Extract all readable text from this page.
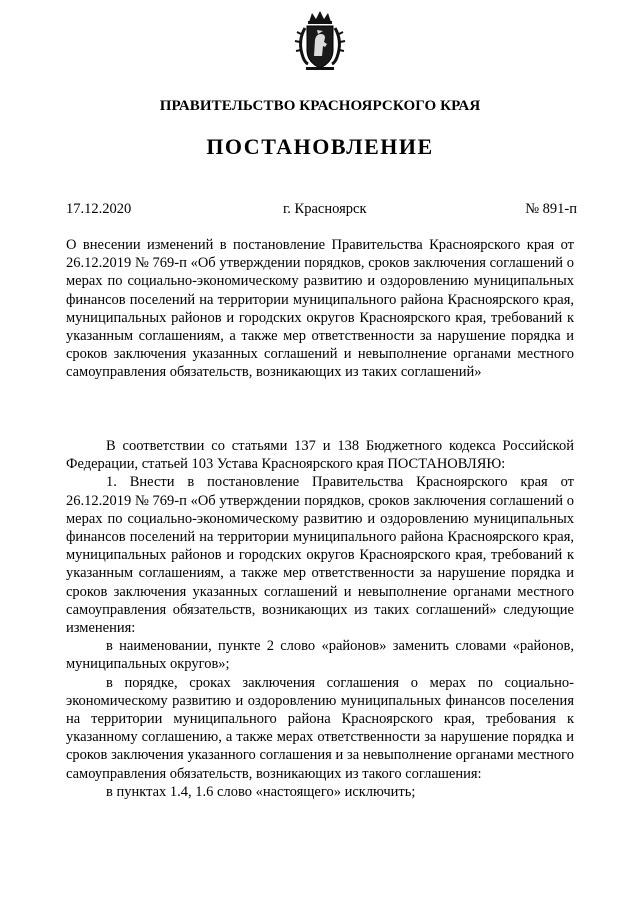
ПРАВИТЕЛЬСТВО КРАСНОЯРСКОГО КРАЯ
ПОСТАНОВЛЕНИЕ
17.12.2020	г. Красноярск	№ 891-п
О внесении изменений в постановление Правительства Красноярского края от 26.12.2019 № 769-п «Об утверждении порядков, сроков заключения соглашений о мерах по социально-экономическому развитию и оздоровлению муниципальных финансов поселений на территории муниципального района Красноярского края, муниципальных районов и городских округов Красноярского края, требований к указанным соглашениям, а также мер ответственности за нарушение порядка и сроков заключения указанных соглашений и невыполнение органами местного самоуправления обязательств, возникающих из таких соглашений»

В соответствии со статьями 137 и 138 Бюджетного кодекса Российской Федерации, статьей 103 Устава Красноярского края ПОСТАНОВЛЯЮ:

1. Внести в постановление Правительства Красноярского края от 26.12.2019 № 769-п «Об утверждении порядков, сроков заключения соглашений о мерах по социально-экономическому развитию и оздоровлению муниципальных финансов поселений на территории муниципального района Красноярского края, муниципальных районов и городских округов Красноярского края, требований к указанным соглашениям, а также мер ответственности за нарушение порядка и сроков заключения указанных соглашений и невыполнение органами местного самоуправления обязательств, возникающих из таких соглашений» следующие изменения:

в наименовании, пункте 2 слово «районов» заменить словами «районов, муниципальных округов»;

в порядке, сроках заключения соглашения о мерах по социально-экономическому развитию и оздоровлению муниципальных финансов поселения на территории муниципального района Красноярского края, требования к указанному соглашению, а также мерах ответственности за нарушение порядка и сроков заключения указанного соглашения и за невыполнение органами местного самоуправления обязательств, возникающих из такого соглашения:

в пунктах 1.4, 1.6 слово «настоящего» исключить;
